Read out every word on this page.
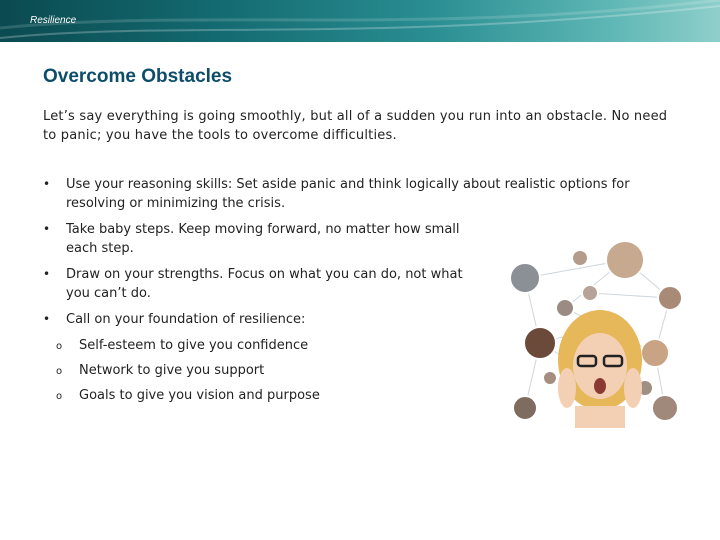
Resilience
Overcome Obstacles
Let’s say everything is going smoothly, but all of a sudden you run into an obstacle. No need to panic; you have the tools to overcome difficulties.
• Use your reasoning skills: Set aside panic and think logically about realistic options for resolving or minimizing the crisis.
• Take baby steps. Keep moving forward, no matter how small each step.
• Draw on your strengths. Focus on what you can do, not what you can’t do.
• Call on your foundation of resilience:
o Self-esteem to give you confidence
o Network to give you support
o Goals to give you vision and purpose
